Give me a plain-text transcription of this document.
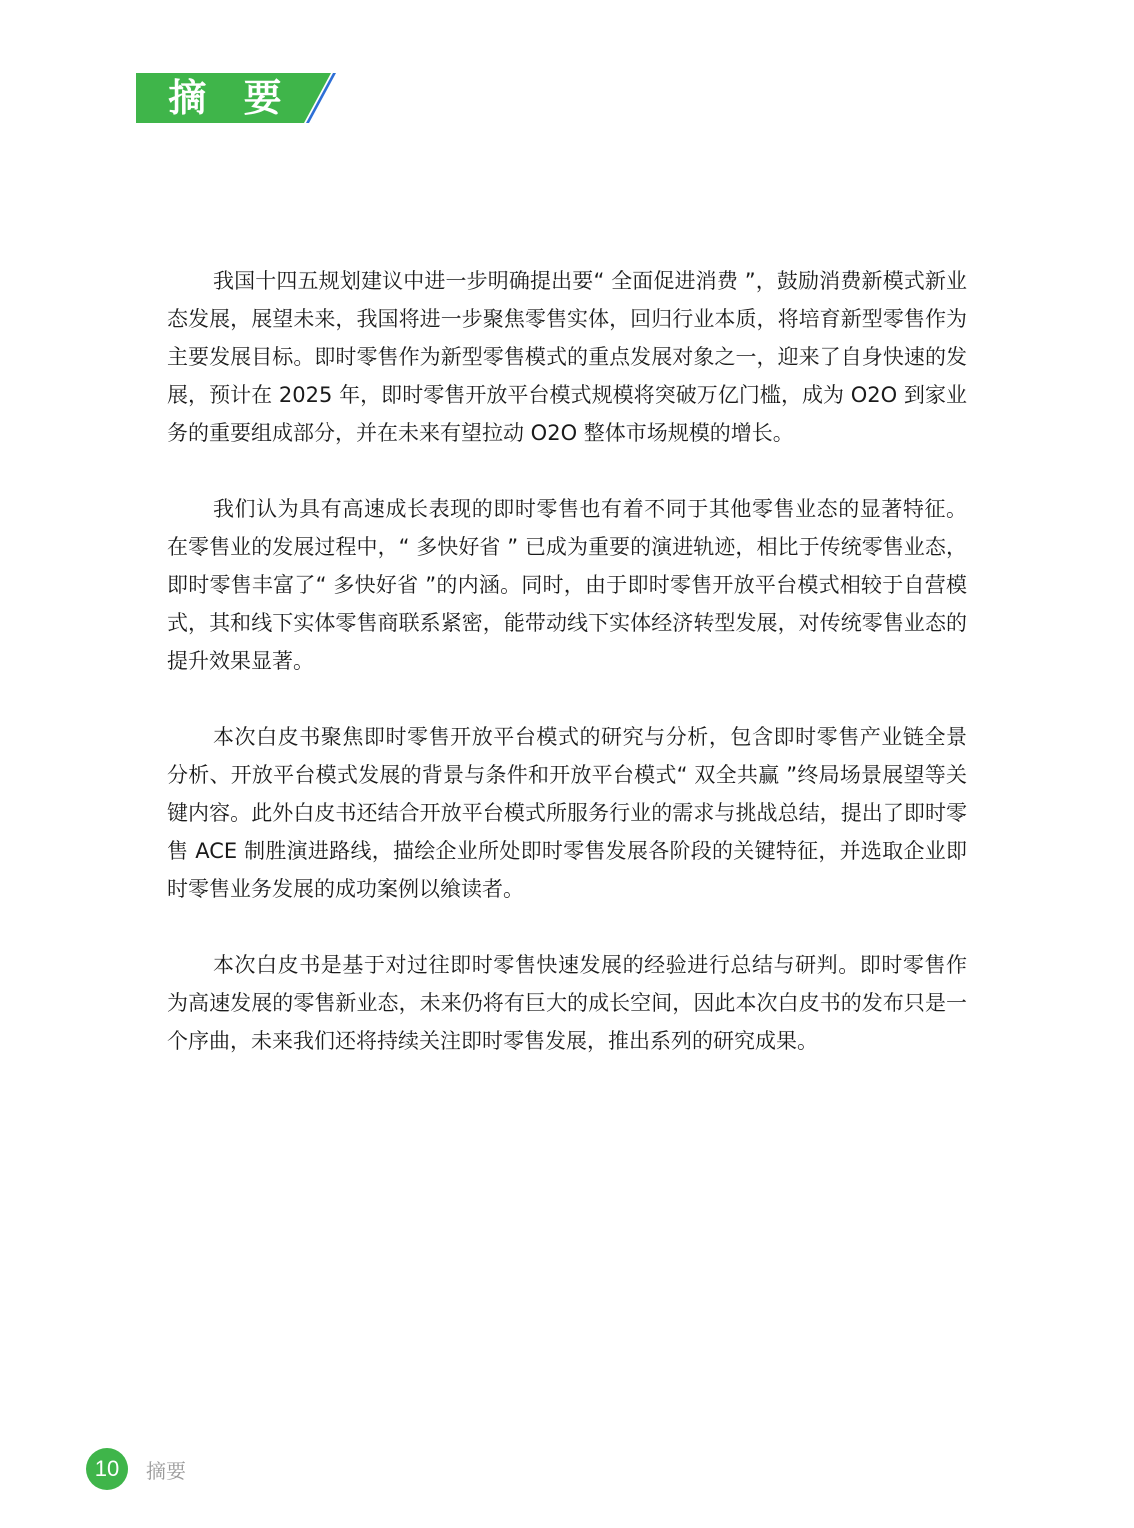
摘 要

我国十四五规划建议中进一步明确提出要“ 全面促进消费 ”，鼓励消费新模式新业态发展，展望未来，我国将进一步聚焦零售实体，回归行业本质，将培育新型零售作为主要发展目标。即时零售作为新型零售模式的重点发展对象之一，迎来了自身快速的发展，预计在 2025 年，即时零售开放平台模式规模将突破万亿门槛，成为 O2O 到家业务的重要组成部分，并在未来有望拉动 O2O 整体市场规模的增长。

我们认为具有高速成长表现的即时零售也有着不同于其他零售业态的显著特征。在零售业的发展过程中，“ 多快好省 ” 已成为重要的演进轨迹，相比于传统零售业态，即时零售丰富了“ 多快好省 ”的内涵。同时，由于即时零售开放平台模式相较于自营模式，其和线下实体零售商联系紧密，能带动线下实体经济转型发展，对传统零售业态的提升效果显著。

本次白皮书聚焦即时零售开放平台模式的研究与分析，包含即时零售产业链全景分析、开放平台模式发展的背景与条件和开放平台模式“ 双全共赢 ”终局场景展望等关键内容。此外白皮书还结合开放平台模式所服务行业的需求与挑战总结，提出了即时零售 ACE 制胜演进路线，描绘企业所处即时零售发展各阶段的关键特征，并选取企业即时零售业务发展的成功案例以飨读者。

本次白皮书是基于对过往即时零售快速发展的经验进行总结与研判。即时零售作为高速发展的零售新业态，未来仍将有巨大的成长空间，因此本次白皮书的发布只是一个序曲，未来我们还将持续关注即时零售发展，推出系列的研究成果。

10	摘要
